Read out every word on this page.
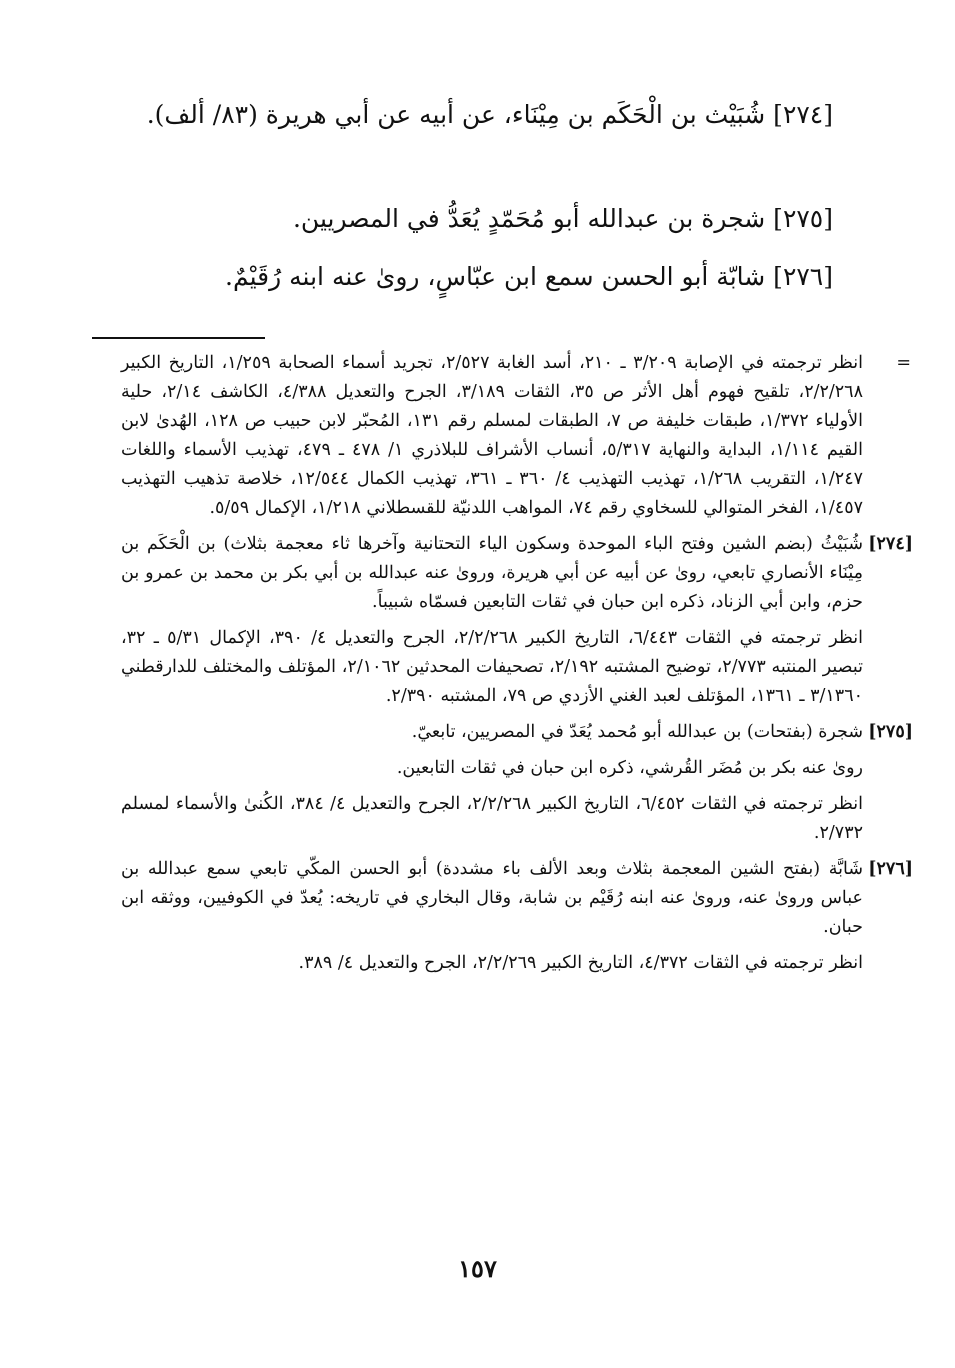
[٢٧٤] شُبَيْث بن الْحَكَم بن مِيْنَاء، عن أبيه عن أبي هريرة (٨٣/ ألف).

[٢٧٥] شجرة بن عبدالله أبو مُحَمّدٍ يُعَدُّ في المصريين.

[٢٧٦] شابّة أبو الحسن سمع ابن عبّاسٍ، روىٰ عنه ابنه رُقَيْمٌ.

=
انظر ترجمته في الإصابة ٣/٢٠٩ ـ ٢١٠، أسد الغابة ٢/٥٢٧، تجريد أسماء الصحابة ١/٢٥٩، التاريخ الكبير ٢/٢/٢٦٨، تلقيح فهوم أهل الأثر ص ٣٥، الثقات ٣/١٨٩، الجرح والتعديل ٤/٣٨٨، الكاشف ٢/١٤، حلية الأولياء ١/٣٧٢، طبقات خليفة ص ٧، الطبقات لمسلم رقم ١٣١، المُحبّر لابن حبيب ص ١٢٨، الهُدىٰ لابن القيم ١/١١٤، البداية والنهاية ٥/٣١٧، أنساب الأشراف للبلاذري ١/ ٤٧٨ ـ ٤٧٩، تهذيب الأسماء واللغات ١/٢٤٧، التقريب ١/٢٦٨، تهذيب التهذيب ٤/ ٣٦٠ ـ ٣٦١، تهذيب الكمال ١٢/٥٤٤، خلاصة تذهيب التهذيب ١/٤٥٧، الفخر المتوالي للسخاوي رقم ٧٤، المواهب اللدنيّة للقسطلاني ١/٢١٨، الإكمال ٥/٥٩.
[٢٧٤]
شُبَيْثُ (بضم الشين وفتح الباء الموحدة وسكون الياء التحتانية وآخرها ثاء معجمة بثلاث) بن الْحَكَم بن مِيْنَاء الأنصاري تابعي، روىٰ عن أبيه عن أبي هريرة، وروىٰ عنه عبدالله بن أبي بكر بن محمد بن عمرو بن حزم، وابن أبي الزناد، ذكره ابن حبان في ثقات التابعين فسمّاه شبيباً.
انظر ترجمته في الثقات ٦/٤٤٣، التاريخ الكبير ٢/٢/٢٦٨، الجرح والتعديل ٤/ ٣٩٠، الإكمال ٥/٣١ ـ ٣٢، تبصير المنتبه ٢/٧٧٣، توضيح المشتبه ٢/١٩٢، تصحيفات المحدثين ٢/١٠٦٢، المؤتلف والمختلف للدارقطني ٣/١٣٦٠ ـ ١٣٦١، المؤتلف لعبد الغني الأزدي ص ٧٩، المشتبه ٢/٣٩٠.
[٢٧٥]
شجرة (بفتحات) بن عبدالله أبو مُحمد يُعَدّ في المصريين، تابعيّ.
روىٰ عنه بكر بن مُضَر القُرشي، ذكره ابن حبان في ثقات التابعين.
انظر ترجمته في الثقات ٦/٤٥٢، التاريخ الكبير ٢/٢/٢٦٨، الجرح والتعديل ٤/ ٣٨٤، الكُنىٰ والأسماء لمسلم ٢/٧٣٢.
[٢٧٦]
شَابَّة (بفتح الشين المعجمة بثلاث وبعد الألف باء مشددة) أبو الحسن المكّي تابعي سمع عبدالله بن عباس وروىٰ عنه، وروىٰ عنه ابنه رُقَيْم بن شابة، وقال البخاري في تاريخه: يُعدّ في الكوفيين، ووثقه ابن حبان.
انظر ترجمته في الثقات ٤/٣٧٢، التاريخ الكبير ٢/٢/٢٦٩، الجرح والتعديل ٤/ ٣٨٩.
١٥٧
